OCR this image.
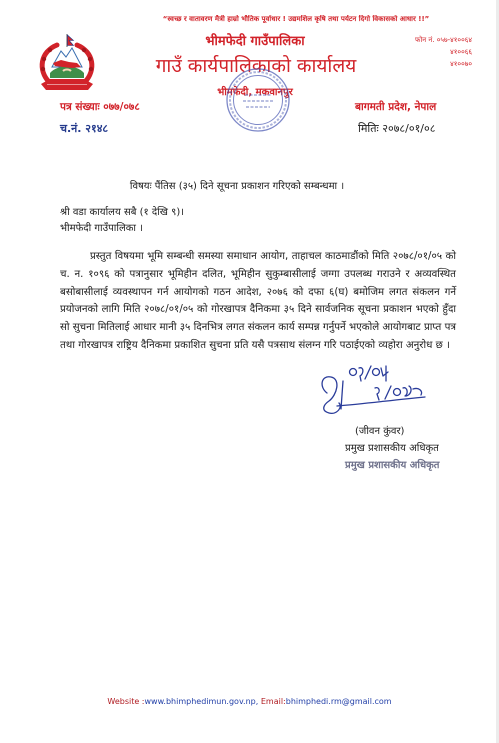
“स्वच्छ र वातावरण मैत्री हाम्रो भौतिक पूर्वाधार ! उद्यमशिल कृषि तथा पर्यटन दिगो विकासको आधार !!”
भीमफेदी गाउँपालिका
गाउँ कार्यपालिकाको कार्यालय
भीमफेदी, मकवानपुर
फोन नं. ०५७-४१००६४
४१००६६
४१००७०
पत्र संख्याः ०७७/०७८
च.नं. २१४८
बागमती प्रदेश, नेपाल
मितिः २०७८/०१/०८
विषयः पैंतिस (३५) दिने सूचना प्रकाशन गरिएको सम्बन्धमा ।
श्री वडा कार्यालय सबै (१ देखि ९)।
भीमफेदी गाउँपालिका ।

प्रस्तुत विषयमा भूमि सम्बन्धी समस्या समाधान आयोग, ताहाचल काठमाडौंको मिति २०७८/०१/०५ को च. न. १०९६ को पत्रानुसार भूमिहीन दलित, भूमिहीन सुकुम्बासीलाई जग्गा उपलब्ध गराउने र अव्यवस्थित बसोबासीलाई व्यवस्थापन गर्न आयोगको गठन आदेश, २०७६ को दफा ६(घ) बमोजिम लगत संकलन गर्ने प्रयोजनको लागि मिति २०७८/०१/०५ को गोरखापत्र दैनिकमा ३५ दिने सार्वजनिक सूचना प्रकाशन भएको हुँदा सो सुचना मितिलाई आधार मानी ३५ दिनभित्र लगत संकलन कार्य सम्पन्न गर्नुपर्ने भएकोले आयोगबाट प्राप्त पत्र तथा गोरखापत्र राष्ट्रिय दैनिकमा प्रकाशित सुचना प्रति यसै पत्रसाथ संलग्न गरि पठाईएको व्यहोरा अनुरोध छ ।

(जीवन कुंवर)
प्रमुख प्रशासकीय अधिकृत
प्रमुख प्रशासकीय अधिकृत
Website :www.bhimphedimun.gov.np, Email:bhimphedi.rm@gmail.com
